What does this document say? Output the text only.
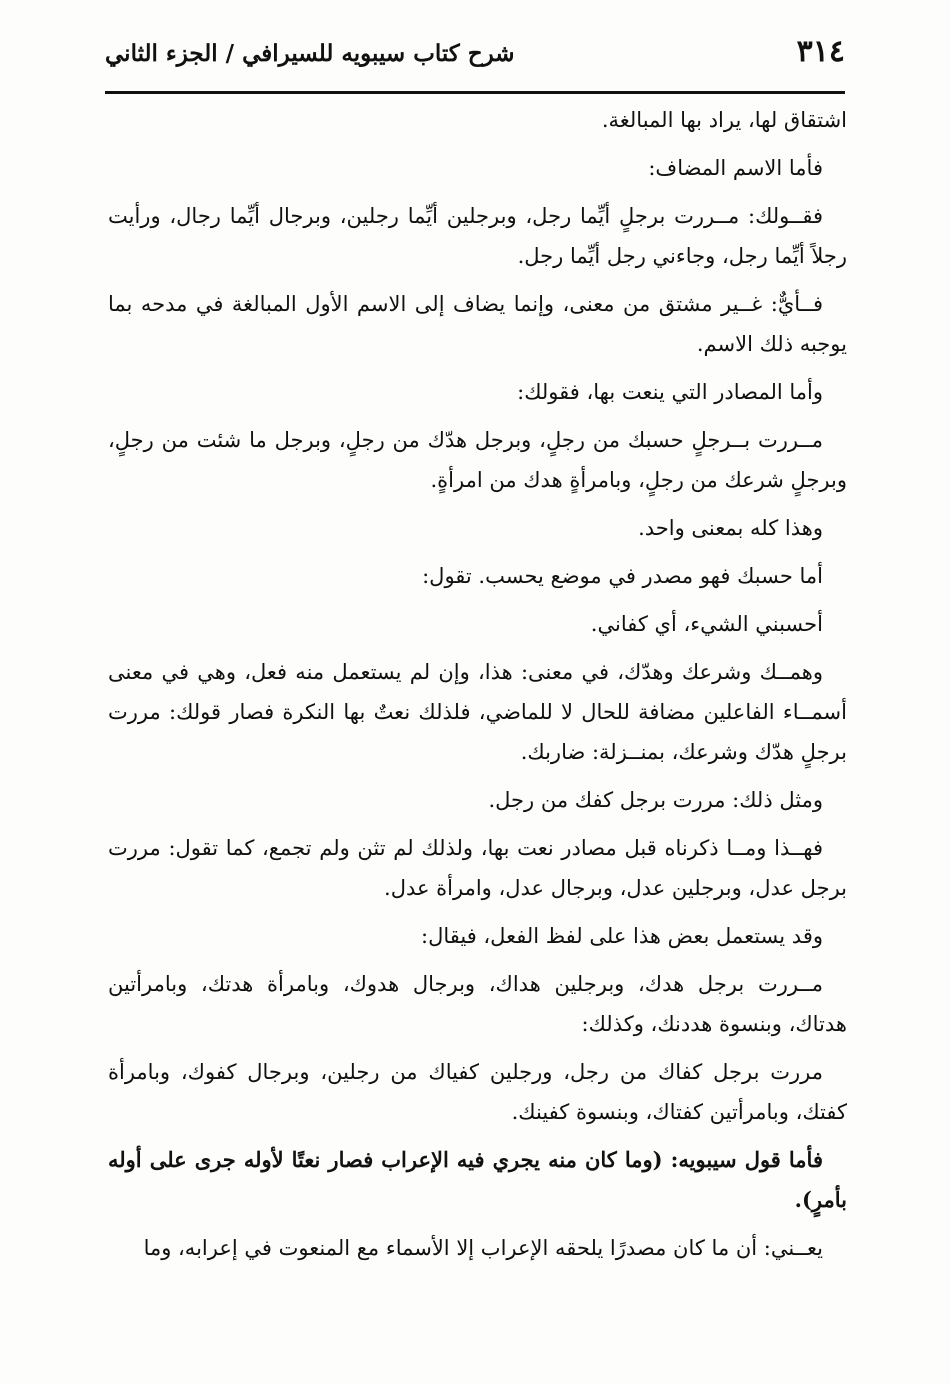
٣١٤
شرح كتاب سيبويه للسيرافي / الجزء الثاني

اشتقاق لها، يراد بها المبالغة.

فأما الاسم المضاف:

فقــولك: مــررت برجلٍ أيِّما رجل، وبرجلين أيِّما رجلين، وبرجال أيِّما رجال، ورأيت رجلاً أيِّما رجل، وجاءني رجل أيِّما رجل.

فــأيٌّ: غــير مشتق من معنى، وإنما يضاف إلى الاسم الأول المبالغة في مدحه بما يوجبه ذلك الاسم.

وأما المصادر التي ينعت بها، فقولك:

مــررت بــرجلٍ حسبك من رجلٍ، وبرجل هدّك من رجلٍ، وبرجل ما شئت من رجلٍ، وبرجلٍ شرعك من رجلٍ، وبامرأةٍ هدك من امرأةٍ.

وهذا كله بمعنى واحد.

أما حسبك فهو مصدر في موضع يحسب. تقول:

أحسبني الشيء، أي كفاني.

وهمــك وشرعك وهدّك، في معنى: هذا، وإن لم يستعمل منه فعل، وهي في معنى أسمــاء الفاعلين مضافة للحال لا للماضي، فلذلك نعتٌ بها النكرة فصار قولك: مررت برجلٍ هدّك وشرعك، بمنــزلة: ضاربك.

ومثل ذلك: مررت برجل كفك من رجل.

فهــذا ومــا ذكرناه قبل مصادر نعت بها، ولذلك لم تثن ولم تجمع، كما تقول: مررت برجل عدل، وبرجلين عدل، وبرجال عدل، وامرأة عدل.

وقد يستعمل بعض هذا على لفظ الفعل، فيقال:

مــررت برجل هدك، وبرجلين هداك، وبرجال هدوك، وبامرأة هدتك، وبامرأتين هدتاك، وبنسوة هددنك، وكذلك:

مررت برجل كفاك من رجل، ورجلين كفياك من رجلين، وبرجال كفوك، وبامرأة كفتك، وبامرأتين كفتاك، وبنسوة كفينك.

فأما قول سيبويه: (وما كان منه يجري فيه الإعراب فصار نعتًا لأوله جرى على أوله بأمرٍ).

يعــني: أن ما كان مصدرًا يلحقه الإعراب إلا الأسماء مع المنعوت في إعرابه، وما
